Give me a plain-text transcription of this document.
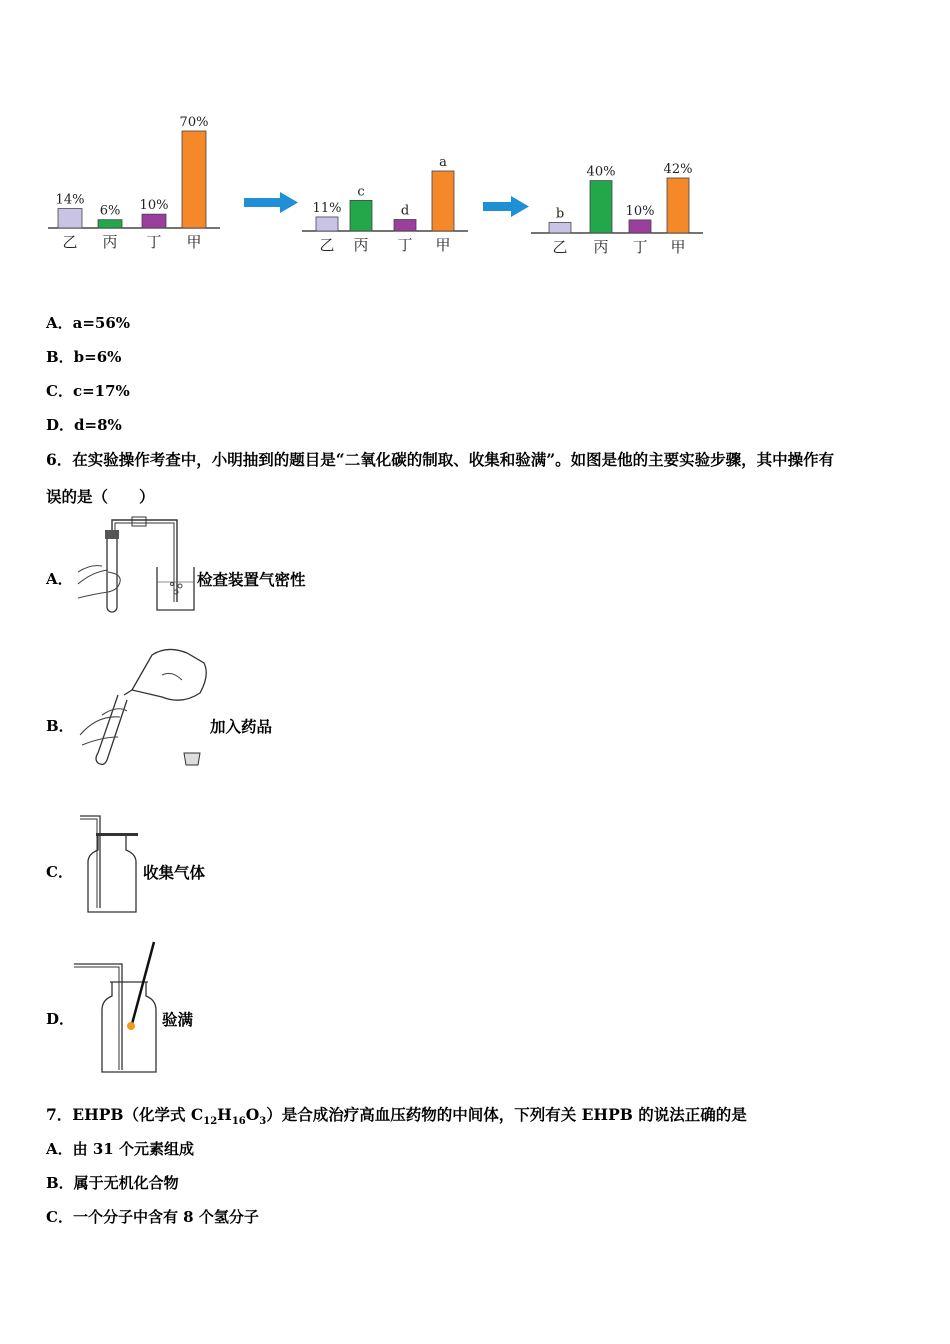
14%
乙
6%
丙
10%
丁
70%
甲
11%
乙
c
丙
d
丁
a
甲
b
乙
40%
丙
10%
丁
42%
甲
A．a=56%
B．b=6%
C．c=17%
D．d=8%
6．在实验操作考查中，小明抽到的题目是“二氧化碳的制取、收集和验满”。如图是他的主要实验步骤，其中操作有
误的是（　　）
A．	检查装置气密性
B．	加入药品
C．	收集气体
D．	验满
7．EHPB（化学式 $C_{12}H_{16}O_3$）是合成治疗高血压药物的中间体，下列有关 EHPB 的说法正确的是
A．由 31 个元素组成
B．属于无机化合物
C．一个分子中含有 8 个氢分子
